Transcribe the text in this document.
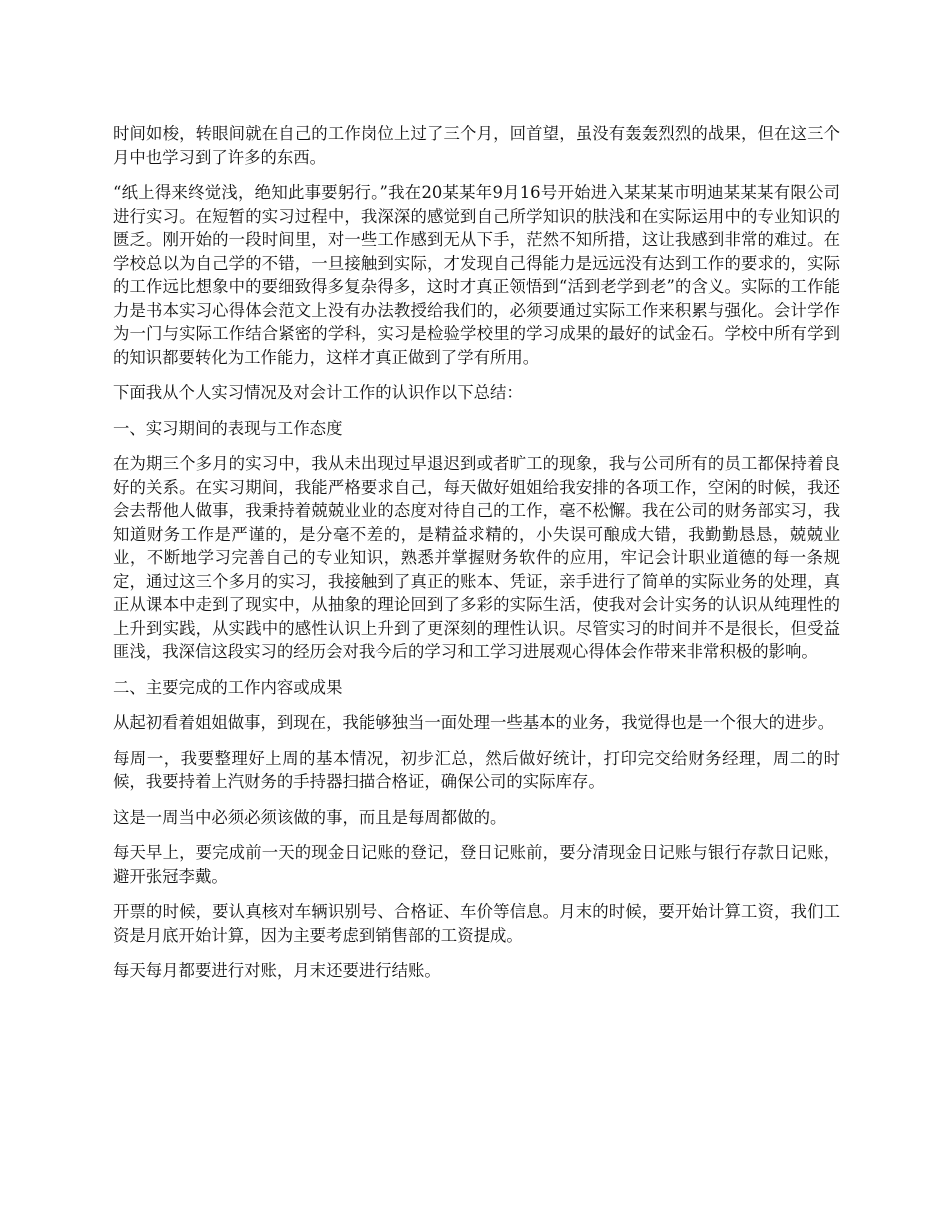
时间如梭，转眼间就在自己的工作岗位上过了三个月，回首望，虽没有轰轰烈烈的战果，但在这三个月中也学习到了许多的东西。

“纸上得来终觉浅，绝知此事要躬行。”我在20某某年9月16号开始进入某某某市明迪某某某有限公司进行实习。在短暂的实习过程中，我深深的感觉到自己所学知识的肤浅和在实际运用中的专业知识的匮乏。刚开始的一段时间里，对一些工作感到无从下手，茫然不知所措，这让我感到非常的难过。在学校总以为自己学的不错，一旦接触到实际，才发现自己得能力是远远没有达到工作的要求的，实际的工作远比想象中的要细致得多复杂得多，这时才真正领悟到“活到老学到老”的含义。实际的工作能力是书本实习心得体会范文上没有办法教授给我们的，必须要通过实际工作来积累与强化。会计学作为一门与实际工作结合紧密的学科，实习是检验学校里的学习成果的最好的试金石。学校中所有学到的知识都要转化为工作能力，这样才真正做到了学有所用。

下面我从个人实习情况及对会计工作的认识作以下总结：

一、实习期间的表现与工作态度

在为期三个多月的实习中，我从未出现过早退迟到或者旷工的现象，我与公司所有的员工都保持着良好的关系。在实习期间，我能严格要求自己，每天做好姐姐给我安排的各项工作，空闲的时候，我还会去帮他人做事，我秉持着兢兢业业的态度对待自己的工作，毫不松懈。我在公司的财务部实习，我知道财务工作是严谨的，是分毫不差的，是精益求精的，小失误可酿成大错，我勤勤恳恳，兢兢业业，不断地学习完善自己的专业知识，熟悉并掌握财务软件的应用，牢记会计职业道德的每一条规定，通过这三个多月的实习，我接触到了真正的账本、凭证，亲手进行了简单的实际业务的处理，真正从课本中走到了现实中，从抽象的理论回到了多彩的实际生活，使我对会计实务的认识从纯理性的上升到实践，从实践中的感性认识上升到了更深刻的理性认识。尽管实习的时间并不是很长，但受益匪浅，我深信这段实习的经历会对我今后的学习和工学习进展观心得体会作带来非常积极的影响。

二、主要完成的工作内容或成果

从起初看着姐姐做事，到现在，我能够独当一面处理一些基本的业务，我觉得也是一个很大的进步。

每周一，我要整理好上周的基本情况，初步汇总，然后做好统计，打印完交给财务经理，周二的时候，我要持着上汽财务的手持器扫描合格证，确保公司的实际库存。

这是一周当中必须必须该做的事，而且是每周都做的。

每天早上，要完成前一天的现金日记账的登记，登日记账前，要分清现金日记账与银行存款日记账，避开张冠李戴。

开票的时候，要认真核对车辆识别号、合格证、车价等信息。月末的时候，要开始计算工资，我们工资是月底开始计算，因为主要考虑到销售部的工资提成。

每天每月都要进行对账，月末还要进行结账。
